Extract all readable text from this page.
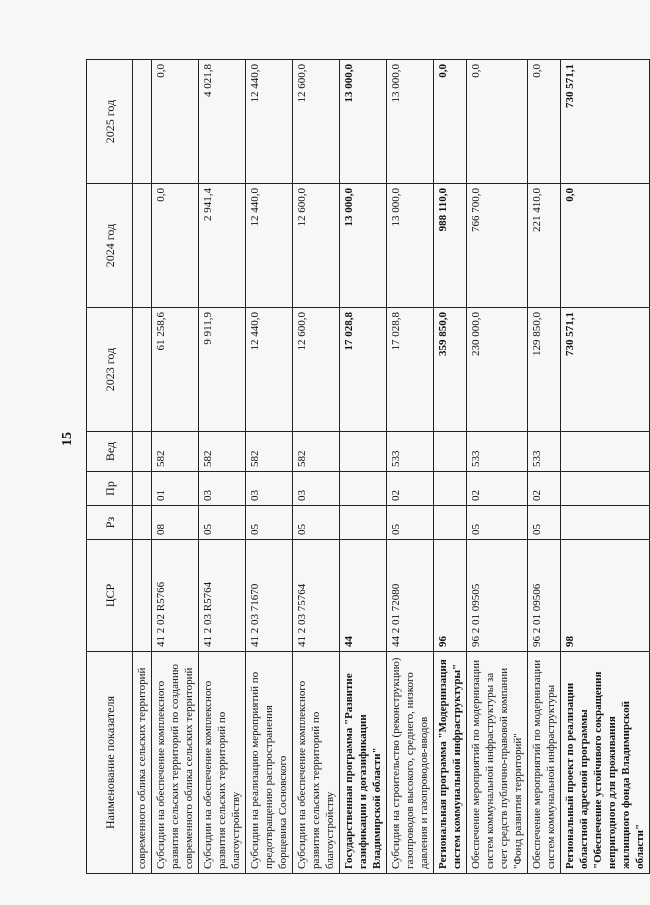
15
Наименование показателя	ЦСР	Рз	Пр	Вед	2023 год	2024 год	2025 год
современного облика сельских территорий							
Субсидии на обеспечение комплексного развития сельских территорий по созданию современного облика сельских территорий	41 2 02 R5766	08	01	582	61 258,6	0,0	0,0
Субсидии на обеспечение комплексного развития сельских территорий по благоустройству	41 2 03 R5764	05	03	582	9 911,9	2 941,4	4 021,8
Субсидии на реализацию мероприятий по предотвращению распространения борщевика Сосновского	41 2 03 71670	05	03	582	12 440,0	12 440,0	12 440,0
Субсидии на обеспечение комплексного развития сельских территорий по благоустройству	41 2 03 75764	05	03	582	12 600,0	12 600,0	12 600,0
Государственная программа "Развитие газификации и догазификации Владимирской области"	44				17 028,8	13 000,0	13 000,0
Субсидия на строительство (реконструкцию) газопроводов высокого, среднего, низкого давления и газопроводов-вводов	44 2 01 72080	05	02	533	17 028,8	13 000,0	13 000,0
Региональная программа "Модернизация систем коммунальной инфраструктуры"	96				359 850,0	988 110,0	0,0
Обеспечение мероприятий по модернизации систем коммунальной инфраструктуры за счет средств публично-правовой компании "Фонд развития территорий"	96 2 01 09505	05	02	533	230 000,0	766 700,0	0,0
Обеспечение мероприятий по модернизации систем коммунальной инфраструктуры	96 2 01 09506	05	02	533	129 850,0	221 410,0	0,0
Региональный проект по реализации областной адресной программы "Обеспечение устойчивого сокращения непригодного для проживания жилищного фонда Владимирской области"	98				730 571,1	0,0	730 571,1
